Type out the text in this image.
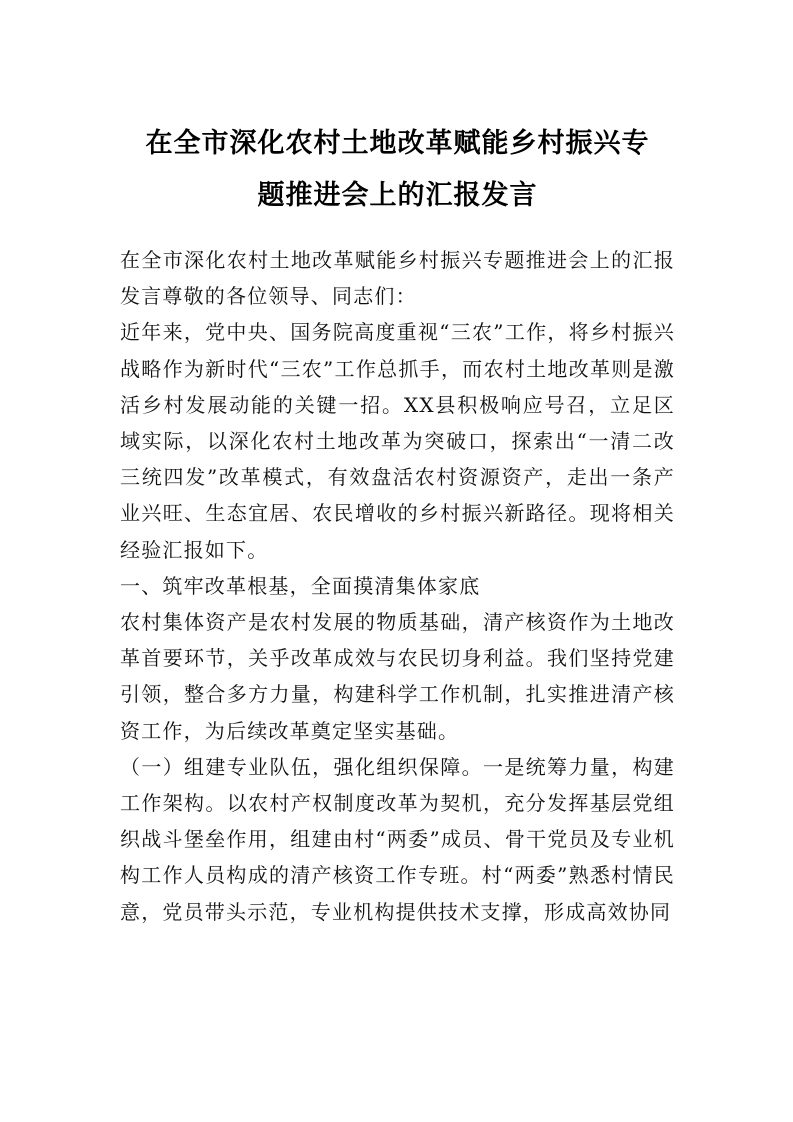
在全市深化农村土地改革赋能乡村振兴专
题推进会上的汇报发言

在全市深化农村土地改革赋能乡村振兴专题推进会上的汇报发言尊敬的各位领导、同志们：

近年来，党中央、国务院高度重视“三农”工作，将乡村振兴战略作为新时代“三农”工作总抓手，而农村土地改革则是激活乡村发展动能的关键一招。XX县积极响应号召，立足区域实际，以深化农村土地改革为突破口，探索出“一清二改三统四发”改革模式，有效盘活农村资源资产，走出一条产业兴旺、生态宜居、农民增收的乡村振兴新路径。现将相关经验汇报如下。

一、筑牢改革根基，全面摸清集体家底

农村集体资产是农村发展的物质基础，清产核资作为土地改革首要环节，关乎改革成效与农民切身利益。我们坚持党建引领，整合多方力量，构建科学工作机制，扎实推进清产核资工作，为后续改革奠定坚实基础。

（一）组建专业队伍，强化组织保障。一是统筹力量，构建工作架构。以农村产权制度改革为契机，充分发挥基层党组织战斗堡垒作用，组建由村“两委”成员、骨干党员及专业机构工作人员构成的清产核资工作专班。村“两委”熟悉村情民意，党员带头示范，专业机构提供技术支撑，形成高效协同
